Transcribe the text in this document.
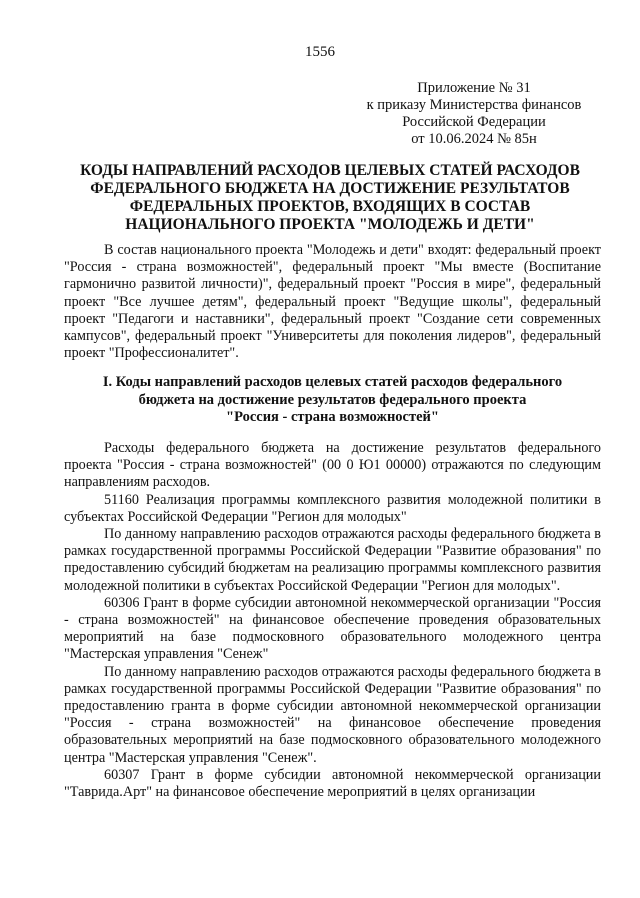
1556
Приложение № 31
к приказу Министерства финансов
Российской Федерации
от 10.06.2024 № 85н
КОДЫ НАПРАВЛЕНИЙ РАСХОДОВ ЦЕЛЕВЫХ СТАТЕЙ РАСХОДОВ
ФЕДЕРАЛЬНОГО БЮДЖЕТА НА ДОСТИЖЕНИЕ РЕЗУЛЬТАТОВ
ФЕДЕРАЛЬНЫХ ПРОЕКТОВ, ВХОДЯЩИХ В СОСТАВ
НАЦИОНАЛЬНОГО ПРОЕКТА "МОЛОДЕЖЬ И ДЕТИ"

В состав национального проекта "Молодежь и дети" входят: федеральный проект "Россия - страна возможностей", федеральный проект "Мы вместе (Воспитание гармонично развитой личности)", федеральный проект "Россия в мире", федеральный проект "Все лучшее детям", федеральный проект "Ведущие школы", федеральный проект "Педагоги и наставники", федеральный проект "Создание сети современных кампусов", федеральный проект "Университеты для поколения лидеров", федеральный проект "Профессионалитет".

I. Коды направлений расходов целевых статей расходов федерального
бюджета на достижение результатов федерального проекта
"Россия - страна возможностей"

Расходы федерального бюджета на достижение результатов федерального проекта "Россия - страна возможностей" (00 0 Ю1 00000) отражаются по следующим направлениям расходов.

51160 Реализация программы комплексного развития молодежной политики в субъектах Российской Федерации "Регион для молодых"

По данному направлению расходов отражаются расходы федерального бюджета в рамках государственной программы Российской Федерации "Развитие образования" по предоставлению субсидий бюджетам на реализацию программы комплексного развития молодежной политики в субъектах Российской Федерации "Регион для молодых".

60306 Грант в форме субсидии автономной некоммерческой организации "Россия - страна возможностей" на финансовое обеспечение проведения образовательных мероприятий на базе подмосковного образовательного молодежного центра "Мастерская управления "Сенеж"

По данному направлению расходов отражаются расходы федерального бюджета в рамках государственной программы Российской Федерации "Развитие образования" по предоставлению гранта в форме субсидии автономной некоммерческой организации "Россия - страна возможностей" на финансовое обеспечение проведения образовательных мероприятий на базе подмосковного образовательного молодежного центра "Мастерская управления "Сенеж".

60307 Грант в форме субсидии автономной некоммерческой организации "Таврида.Арт" на финансовое обеспечение мероприятий в целях организации
